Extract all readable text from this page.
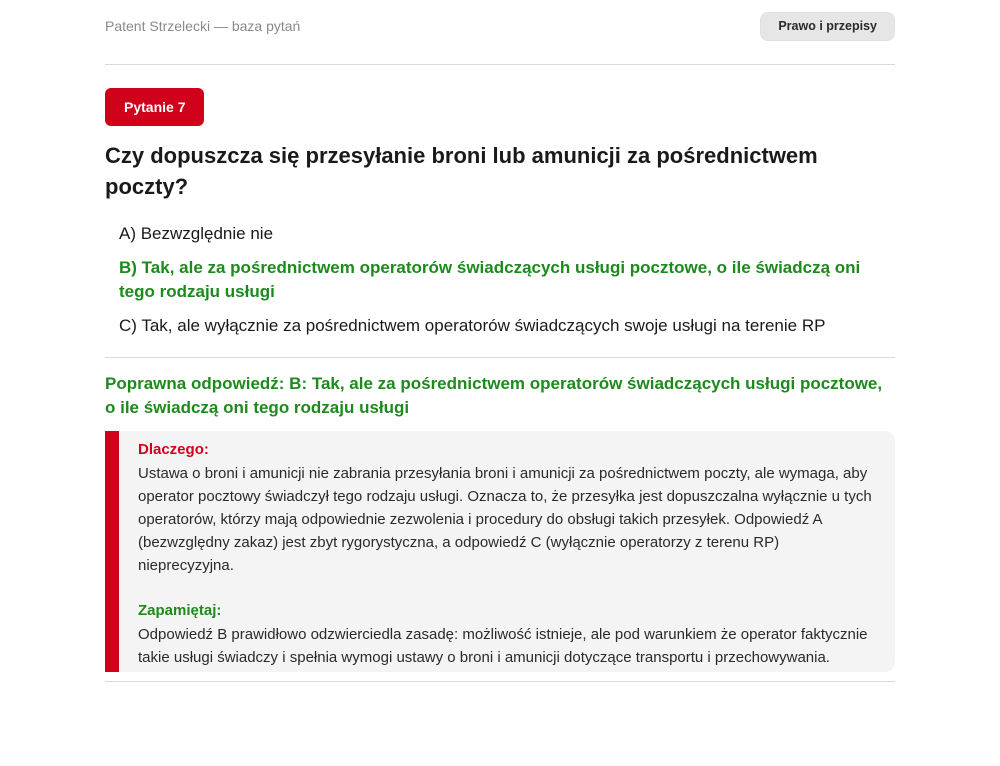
Patent Strzelecki — baza pytań	Prawo i przepisy
Pytanie 7
Czy dopuszcza się przesyłanie broni lub amunicji za pośrednictwem poczty?
A) Bezwzględnie nie
B) Tak, ale za pośrednictwem operatorów świadczących usługi pocztowe, o ile świadczą oni tego rodzaju usługi
C) Tak, ale wyłącznie za pośrednictwem operatorów świadczących swoje usługi na terenie RP
Poprawna odpowiedź: B: Tak, ale za pośrednictwem operatorów świadczących usługi pocztowe, o ile świadczą oni tego rodzaju usługi

Dlaczego:

Ustawa o broni i amunicji nie zabrania przesyłania broni i amunicji za pośrednictwem poczty, ale wymaga, aby operator pocztowy świadczył tego rodzaju usługi. Oznacza to, że przesyłka jest dopuszczalna wyłącznie u tych operatorów, którzy mają odpowiednie zezwolenia i procedury do obsługi takich przesyłek. Odpowiedź A (bezwzględny zakaz) jest zbyt rygorystyczna, a odpowiedź C (wyłącznie operatorzy z terenu RP) nieprecyzyjna.

Zapamiętaj:

Odpowiedź B prawidłowo odzwierciedla zasadę: możliwość istnieje, ale pod warunkiem że operator faktycznie takie usługi świadczy i spełnia wymogi ustawy o broni i amunicji dotyczące transportu i przechowywania.
